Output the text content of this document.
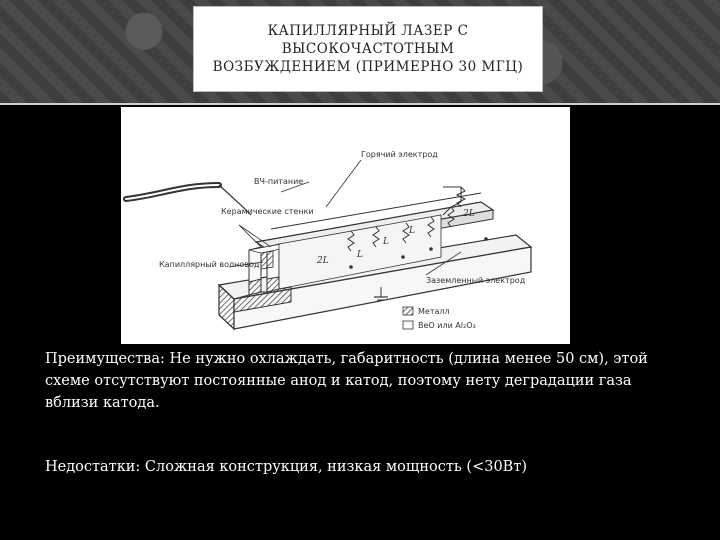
КАПИЛЛЯРНЫЙ ЛАЗЕР С
ВЫСОКОЧАСТОТНЫМ
ВОЗБУЖДЕНИЕМ (ПРИМЕРНО 30 МГЦ)

Горячий электрод
ВЧ-питание
Керамические стенки
Капиллярный волновод
Заземленный электрод
2L
L
2L
L
L
Металл
BeO или Al₂O₃

Преимущества: Не нужно охлаждать, габаритность (длина менее 50 см), этой схеме отсутствуют постоянные анод и катод, поэтому нету деградации газа вблизи катода.

Недостатки: Сложная конструкция, низкая мощность (<30Вт)
